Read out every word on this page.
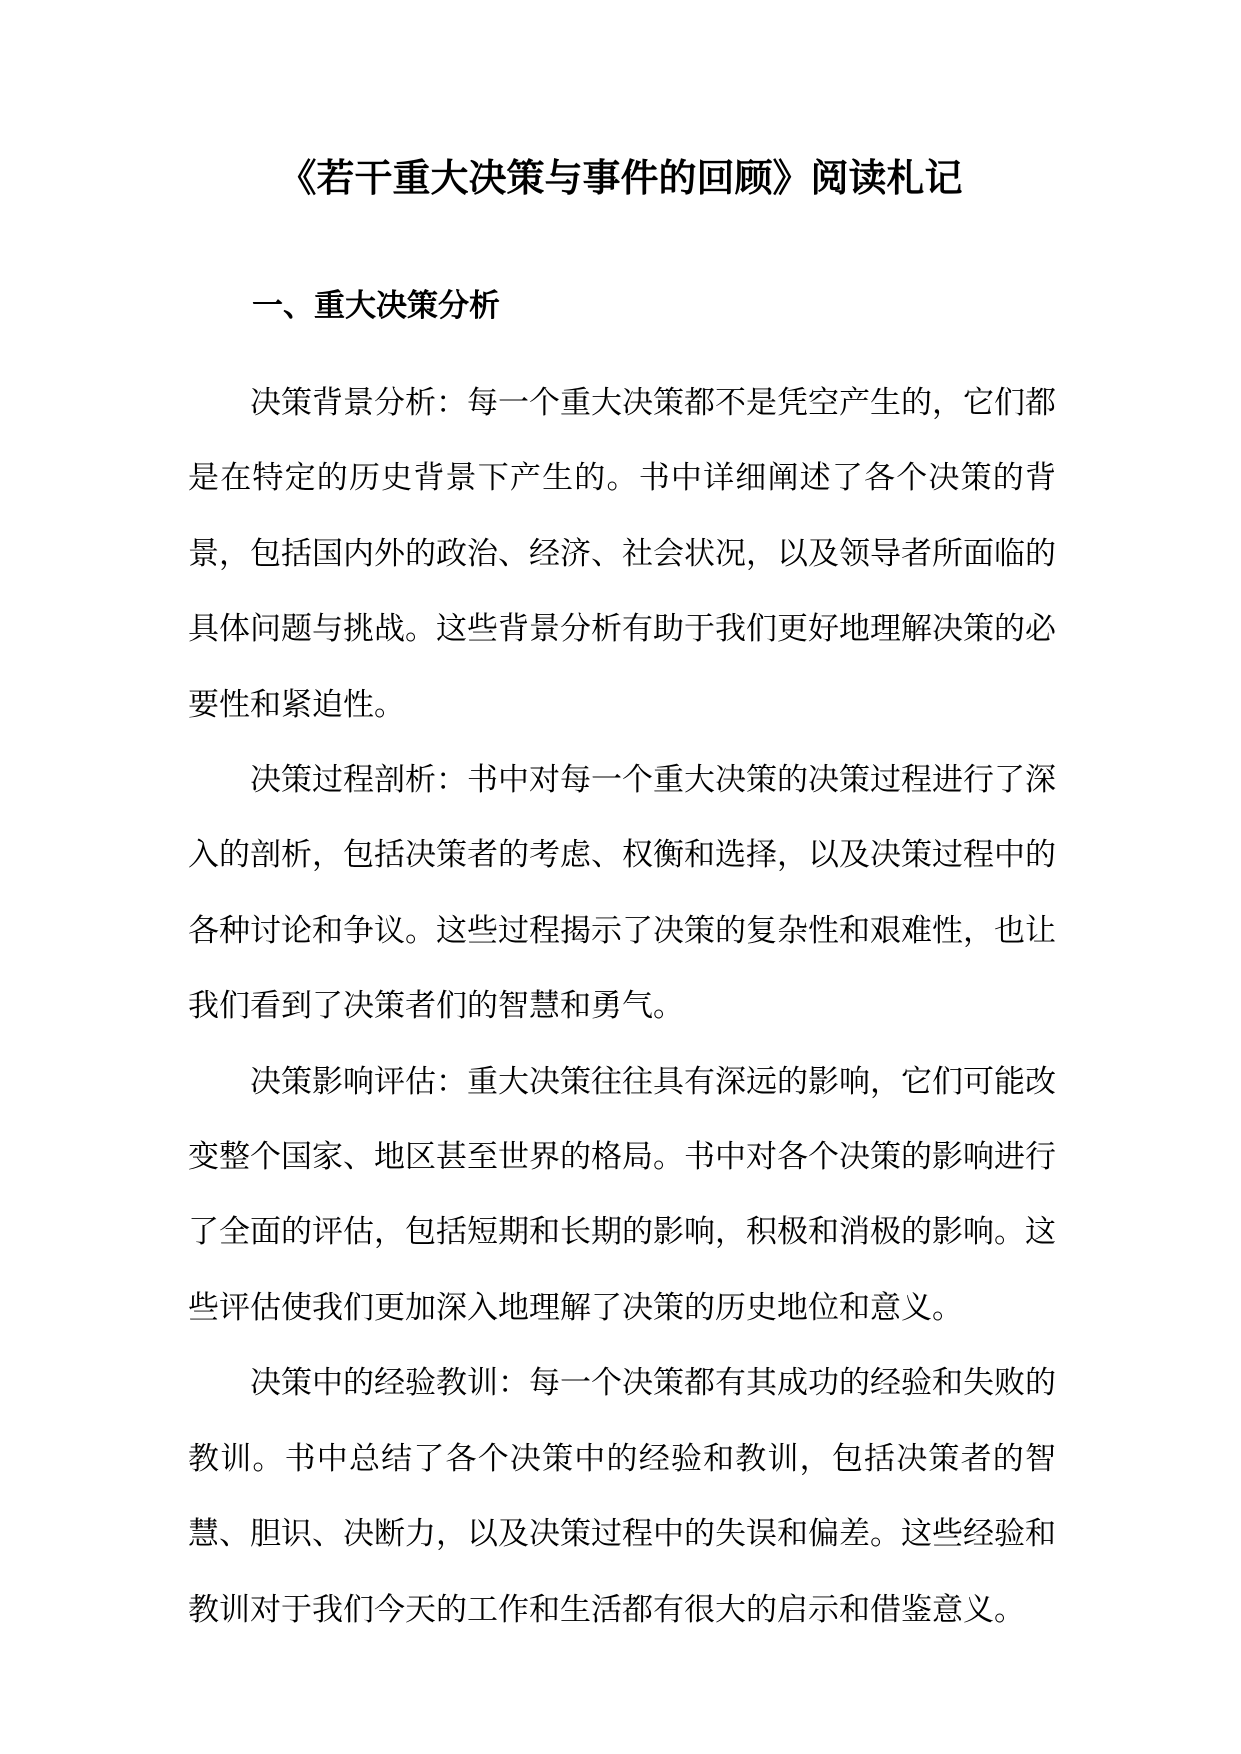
《若干重大决策与事件的回顾》阅读札记
一、重大决策分析

决策背景分析：每一个重大决策都不是凭空产生的，它们都是在特定的历史背景下产生的。书中详细阐述了各个决策的背景，包括国内外的政治、经济、社会状况，以及领导者所面临的具体问题与挑战。这些背景分析有助于我们更好地理解决策的必要性和紧迫性。

决策过程剖析：书中对每一个重大决策的决策过程进行了深入的剖析，包括决策者的考虑、权衡和选择，以及决策过程中的各种讨论和争议。这些过程揭示了决策的复杂性和艰难性，也让我们看到了决策者们的智慧和勇气。

决策影响评估：重大决策往往具有深远的影响，它们可能改变整个国家、地区甚至世界的格局。书中对各个决策的影响进行了全面的评估，包括短期和长期的影响，积极和消极的影响。这些评估使我们更加深入地理解了决策的历史地位和意义。

决策中的经验教训：每一个决策都有其成功的经验和失败的教训。书中总结了各个决策中的经验和教训，包括决策者的智慧、胆识、决断力，以及决策过程中的失误和偏差。这些经验和教训对于我们今天的工作和生活都有很大的启示和借鉴意义。
